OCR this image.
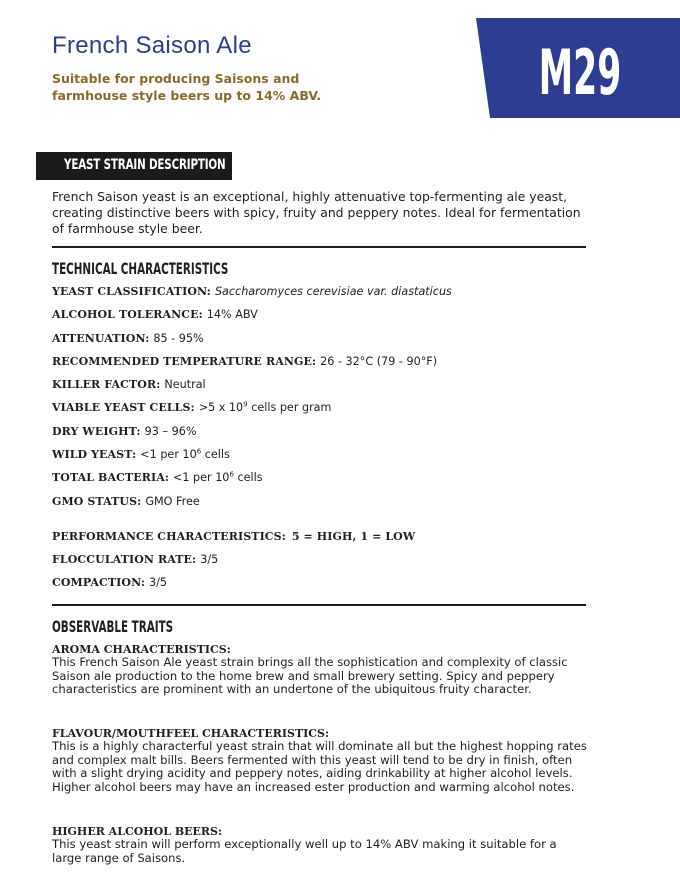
French Saison Ale
Suitable for producing Saisons and farmhouse style beers up to 14% ABV.	M29
YEAST STRAIN DESCRIPTION
French Saison yeast is an exceptional, highly attenuative top-fermenting ale yeast, creating distinctive beers with spicy, fruity and peppery notes. Ideal for fermentation of farmhouse style beer.
TECHNICAL CHARACTERISTICS
YEAST CLASSIFICATION: Saccharomyces cerevisiae var. diastaticus
ALCOHOL TOLERANCE: 14% ABV
ATTENUATION: 85 - 95%
RECOMMENDED TEMPERATURE RANGE: 26 - 32°C (79 - 90°F)
KILLER FACTOR: Neutral
VIABLE YEAST CELLS: >5 x $10^9$ cells per gram
DRY WEIGHT: 93 – 96%
WILD YEAST: <1 per $10^6$ cells
TOTAL BACTERIA: <1 per $10^6$ cells
GMO STATUS: GMO Free
PERFORMANCE CHARACTERISTICS: 5 = HIGH, 1 = LOW
FLOCCULATION RATE: 3/5
COMPACTION: 3/5
OBSERVABLE TRAITS
AROMA CHARACTERISTICS:
This French Saison Ale yeast strain brings all the sophistication and complexity of classic Saison ale production to the home brew and small brewery setting. Spicy and peppery characteristics are prominent with an undertone of the ubiquitous fruity character.
FLAVOUR/MOUTHFEEL CHARACTERISTICS:
This is a highly characterful yeast strain that will dominate all but the highest hopping rates and complex malt bills. Beers fermented with this yeast will tend to be dry in finish, often with a slight drying acidity and peppery notes, aiding drinkability at higher alcohol levels. Higher alcohol beers may have an increased ester production and warming alcohol notes.
HIGHER ALCOHOL BEERS:
This yeast strain will perform exceptionally well up to 14% ABV making it suitable for a large range of Saisons.
